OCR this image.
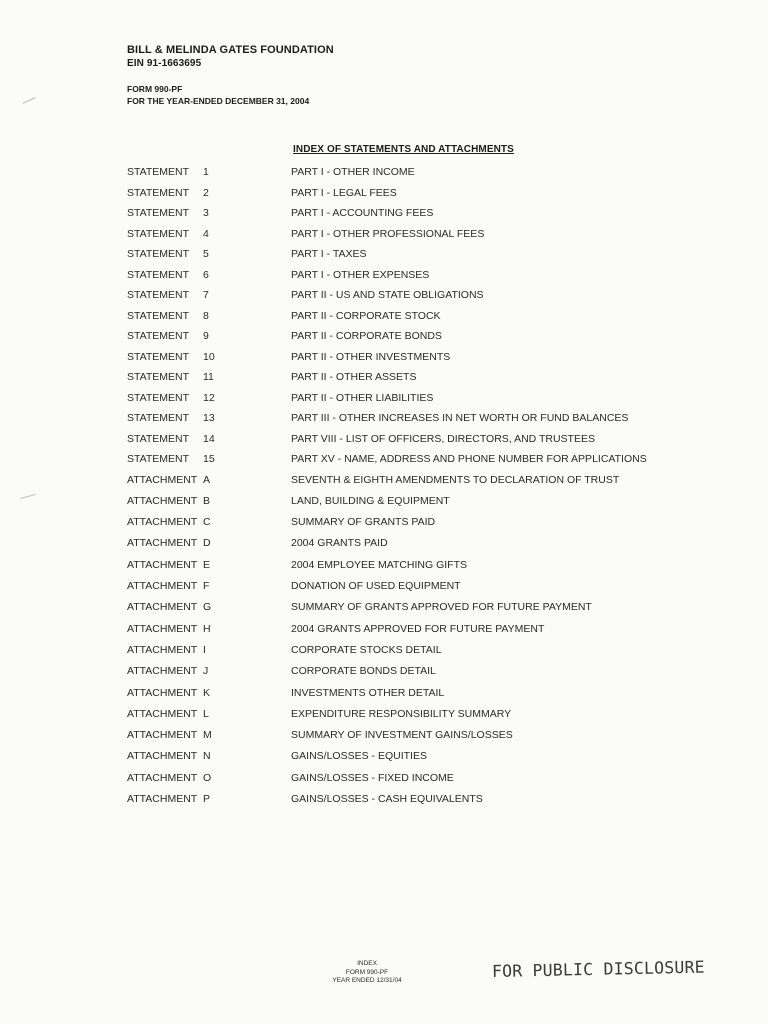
BILL & MELINDA GATES FOUNDATION
EIN 91-1663695
FORM 990-PF
FOR THE YEAR-ENDED DECEMBER 31, 2004
INDEX OF STATEMENTS AND ATTACHMENTS
STATEMENT 1	PART I - OTHER INCOME
STATEMENT 2	PART I - LEGAL FEES
STATEMENT 3	PART I - ACCOUNTING FEES
STATEMENT 4	PART I - OTHER PROFESSIONAL FEES
STATEMENT 5	PART I - TAXES
STATEMENT 6	PART I - OTHER EXPENSES
STATEMENT 7	PART II - US AND STATE OBLIGATIONS
STATEMENT 8	PART II - CORPORATE STOCK
STATEMENT 9	PART II - CORPORATE BONDS
STATEMENT 10	PART II - OTHER INVESTMENTS
STATEMENT 11	PART II - OTHER ASSETS
STATEMENT 12	PART II - OTHER LIABILITIES
STATEMENT 13	PART III - OTHER INCREASES IN NET WORTH OR FUND BALANCES
STATEMENT 14	PART VIII - LIST OF OFFICERS, DIRECTORS, AND TRUSTEES
STATEMENT 15	PART XV - NAME, ADDRESS AND PHONE NUMBER FOR APPLICATIONS
ATTACHMENT A	SEVENTH & EIGHTH AMENDMENTS TO DECLARATION OF TRUST
ATTACHMENT B	LAND, BUILDING & EQUIPMENT
ATTACHMENT C	SUMMARY OF GRANTS PAID
ATTACHMENT D	2004 GRANTS PAID
ATTACHMENT E	2004 EMPLOYEE MATCHING GIFTS
ATTACHMENT F	DONATION OF USED EQUIPMENT
ATTACHMENT G	SUMMARY OF GRANTS APPROVED FOR FUTURE PAYMENT
ATTACHMENT H	2004 GRANTS APPROVED FOR FUTURE PAYMENT
ATTACHMENT I	CORPORATE STOCKS DETAIL
ATTACHMENT J	CORPORATE BONDS DETAIL
ATTACHMENT K	INVESTMENTS OTHER DETAIL
ATTACHMENT L	EXPENDITURE RESPONSIBILITY SUMMARY
ATTACHMENT M	SUMMARY OF INVESTMENT GAINS/LOSSES
ATTACHMENT N	GAINS/LOSSES - EQUITIES
ATTACHMENT O	GAINS/LOSSES - FIXED INCOME
ATTACHMENT P	GAINS/LOSSES - CASH EQUIVALENTS
INDEX
FORM 990-PF
YEAR ENDED 12/31/04	FOR PUBLIC DISCLOSURE
